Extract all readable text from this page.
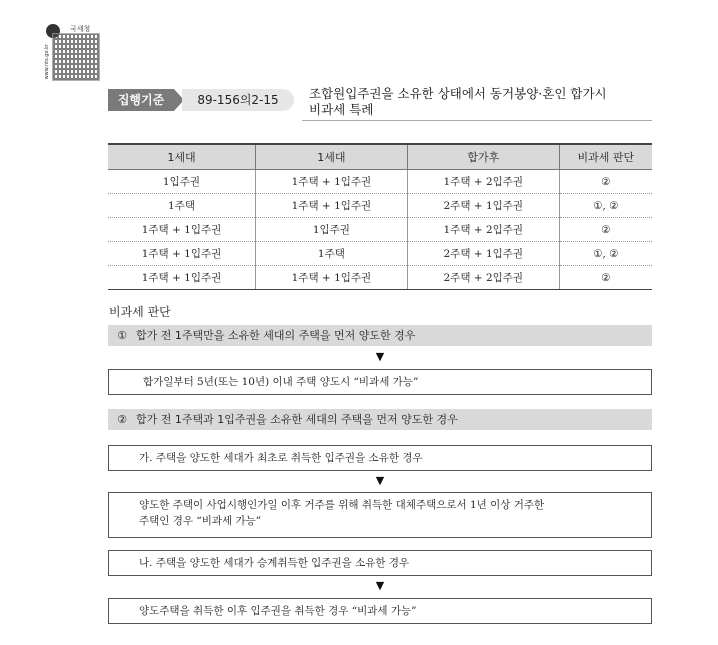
국세청
www.nts.go.kr
집행기준	89-156의2-15	조합원입주권을 소유한 상태에서 동거봉양·혼인 합가시
비과세 특례
1세대	1세대	합가후	비과세 판단
1입주권	1주택 + 1입주권	1주택 + 2입주권	②
1주택	1주택 + 1입주권	2주택 + 1입주권	①, ②
1주택 + 1입주권	1입주권	1주택 + 2입주권	②
1주택 + 1입주권	1주택	2주택 + 1입주권	①, ②
1주택 + 1입주권	1주택 + 1입주권	2주택 + 2입주권	②
비과세 판단
① 합가 전 1주택만을 소유한 세대의 주택을 먼저 양도한 경우
▼
합가일부터 5년(또는 10년) 이내 주택 양도시 “비과세 가능”
② 합가 전 1주택과 1입주권을 소유한 세대의 주택을 먼저 양도한 경우
가. 주택을 양도한 세대가 최초로 취득한 입주권을 소유한 경우
▼
양도한 주택이 사업시행인가일 이후 거주를 위해 취득한 대체주택으로서 1년 이상 거주한
주택인 경우 “비과세 가능”
나. 주택을 양도한 세대가 승계취득한 입주권을 소유한 경우
▼
양도주택을 취득한 이후 입주권을 취득한 경우 “비과세 가능”
